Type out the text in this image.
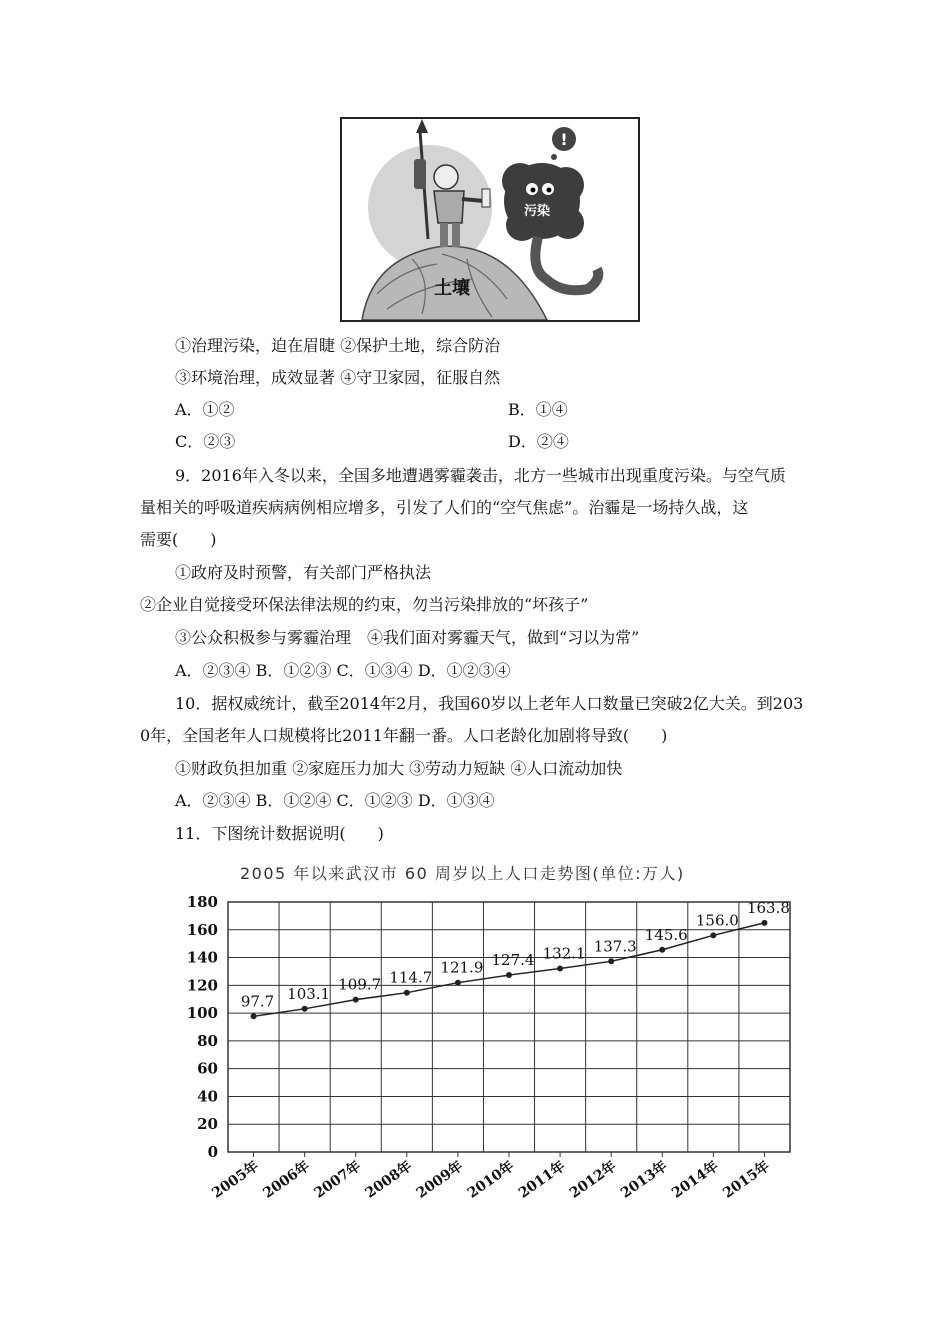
!
污染
土壤
①治理污染，迫在眉睫 ②保护土地，综合防治
③环境治理，成效显著 ④守卫家园，征服自然
A．①②	B．①④
C．②③	D．②④
9．2016年入冬以来，全国多地遭遇雾霾袭击，北方一些城市出现重度污染。与空气质
量相关的呼吸道疾病病例相应增多，引发了人们的“空气焦虑”。治霾是一场持久战，这
需要(　　)
①政府及时预警，有关部门严格执法
②企业自觉接受环保法律法规的约束，勿当污染排放的“坏孩子”
③公众积极参与雾霾治理　④我们面对雾霾天气，做到“习以为常”
A．②③④ B．①②③ C．①③④ D．①②③④
10．据权威统计，截至2014年2月，我国60岁以上老年人口数量已突破2亿大关。到203
0年，全国老年人口规模将比2011年翻一番。人口老龄化加剧将导致(　　)
①财政负担加重 ②家庭压力加大 ③劳动力短缺 ④人口流动加快
A．②③④ B．①②④ C．①②③ D．①③④
11．下图统计数据说明(　　)
2005 年以来武汉市 60 周岁以上人口走势图(单位:万人)
0
20
40
60
80
100
120
140
160
180
2005年
2006年
2007年
2008年
2009年
2010年
2011年
2012年
2013年
2014年
2015年
97.7 103.1
109.7 114.7
121.9 127.4 132.1 137.3
145.6
156.0
163.8
